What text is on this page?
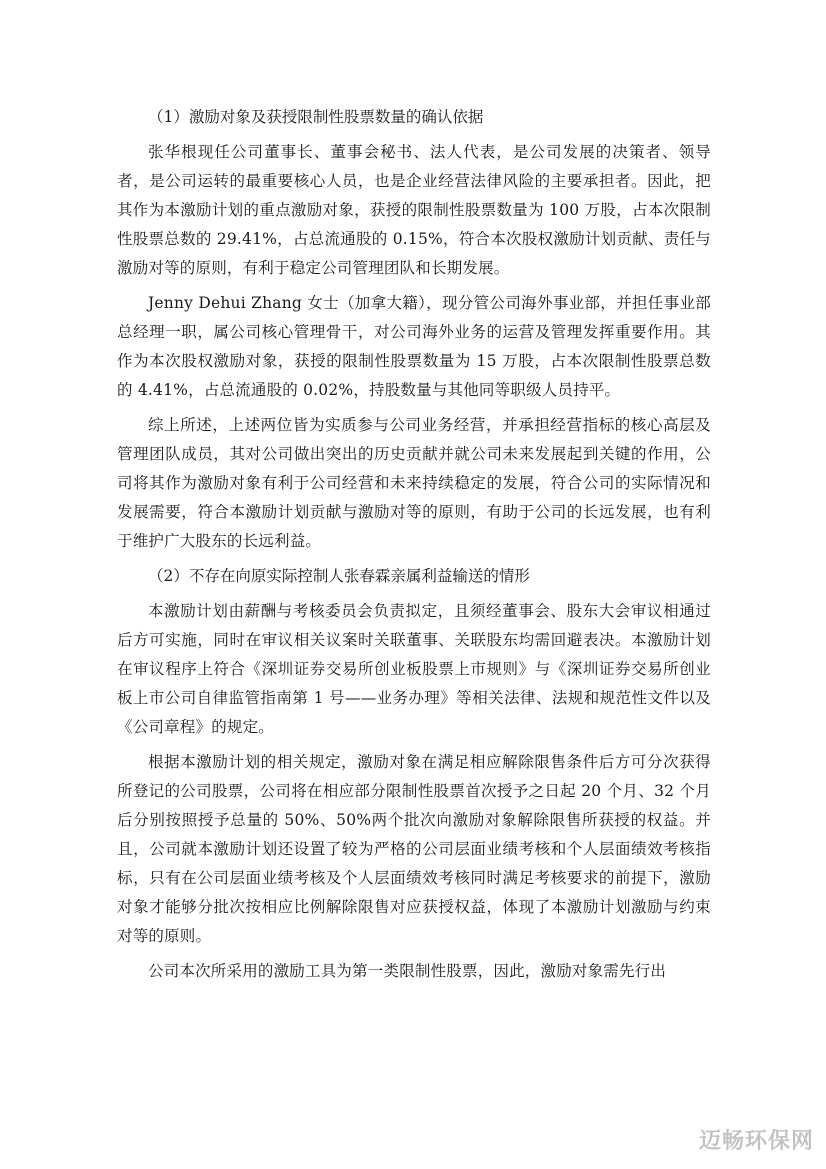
（1）激励对象及获授限制性股票数量的确认依据

张华根现任公司董事长、董事会秘书、法人代表，是公司发展的决策者、领导者，是公司运转的最重要核心人员，也是企业经营法律风险的主要承担者。因此，把其作为本激励计划的重点激励对象，获授的限制性股票数量为 100 万股，占本次限制性股票总数的 29.41%，占总流通股的 0.15%，符合本次股权激励计划贡献、责任与激励对等的原则，有利于稳定公司管理团队和长期发展。

Jenny Dehui Zhang 女士（加拿大籍），现分管公司海外事业部，并担任事业部总经理一职，属公司核心管理骨干，对公司海外业务的运营及管理发挥重要作用。其作为本次股权激励对象，获授的限制性股票数量为 15 万股，占本次限制性股票总数的 4.41%，占总流通股的 0.02%，持股数量与其他同等职级人员持平。

综上所述，上述两位皆为实质参与公司业务经营，并承担经营指标的核心高层及管理团队成员，其对公司做出突出的历史贡献并就公司未来发展起到关键的作用，公司将其作为激励对象有利于公司经营和未来持续稳定的发展，符合公司的实际情况和发展需要，符合本激励计划贡献与激励对等的原则，有助于公司的长远发展，也有利于维护广大股东的长远利益。

（2）不存在向原实际控制人张春霖亲属利益输送的情形

本激励计划由薪酬与考核委员会负责拟定，且须经董事会、股东大会审议相通过后方可实施，同时在审议相关议案时关联董事、关联股东均需回避表决。本激励计划在审议程序上符合《深圳证券交易所创业板股票上市规则》与《深圳证券交易所创业板上市公司自律监管指南第 1 号——业务办理》等相关法律、法规和规范性文件以及《公司章程》的规定。

根据本激励计划的相关规定，激励对象在满足相应解除限售条件后方可分次获得所登记的公司股票，公司将在相应部分限制性股票首次授予之日起 20 个月、32 个月后分别按照授予总量的 50%、50%两个批次向激励对象解除限售所获授的权益。并且，公司就本激励计划还设置了较为严格的公司层面业绩考核和个人层面绩效考核指标，只有在公司层面业绩考核及个人层面绩效考核同时满足考核要求的前提下，激励对象才能够分批次按相应比例解除限售对应获授权益，体现了本激励计划激励与约束对等的原则。

公司本次所采用的激励工具为第一类限制性股票，因此，激励对象需先行出

迈畅环保网
